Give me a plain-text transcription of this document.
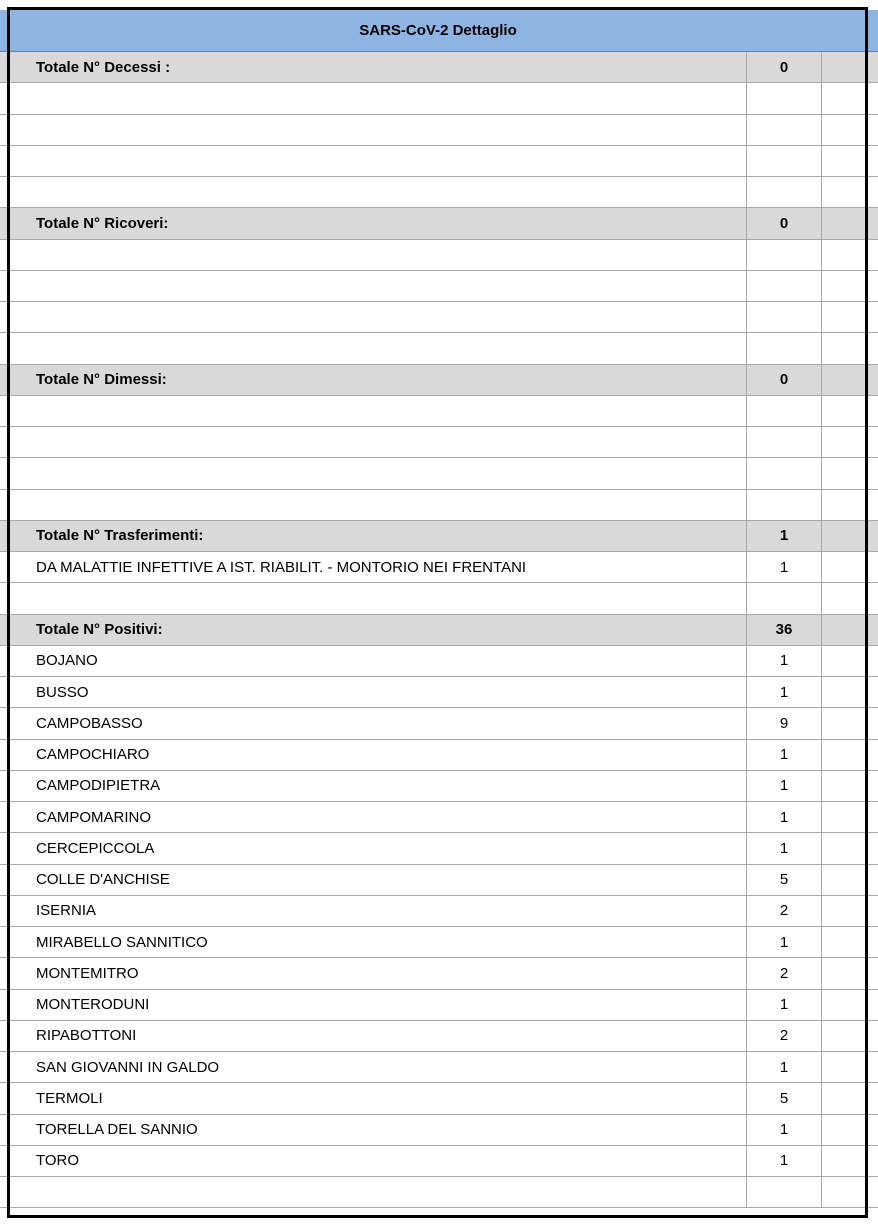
SARS-CoV-2 Dettaglio
Totale N° Decessi :	0
Totale N° Ricoveri:	0
Totale N° Dimessi:	0
Totale N° Trasferimenti:	1
DA MALATTIE INFETTIVE A IST. RIABILIT. - MONTORIO NEI FRENTANI	1
Totale N° Positivi:	36
BOJANO	1
BUSSO	1
CAMPOBASSO	9
CAMPOCHIARO	1
CAMPODIPIETRA	1
CAMPOMARINO	1
CERCEPICCOLA	1
COLLE D'ANCHISE	5
ISERNIA	2
MIRABELLO SANNITICO	1
MONTEMITRO	2
MONTERODUNI	1
RIPABOTTONI	2
SAN GIOVANNI IN GALDO	1
TERMOLI	5
TORELLA DEL SANNIO	1
TORO	1
